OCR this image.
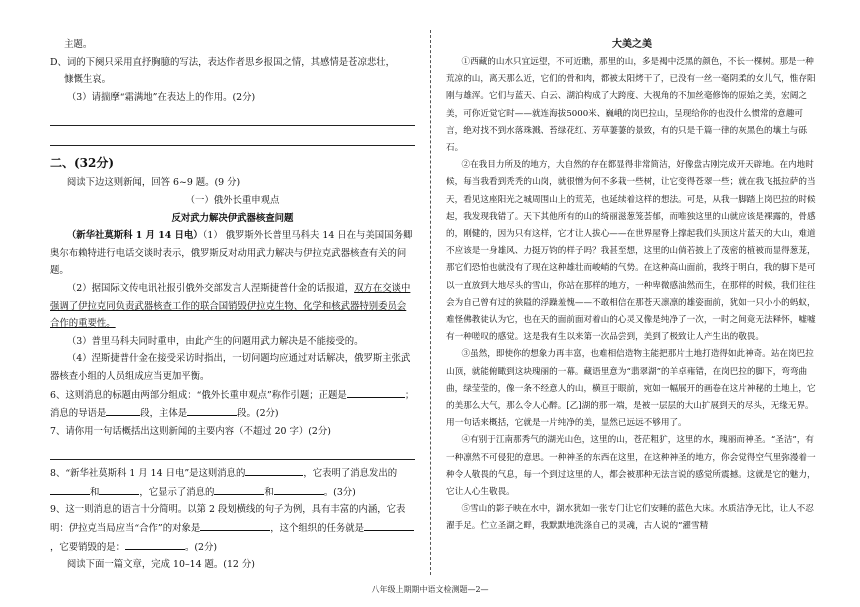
主题。
D、词的下阕只采用直抒胸臆的写法，表达作者思乡报国之情，其感情是苍凉悲壮，
慷慨生哀。
（3）请揣摩“霜满地”在表达上的作用。(2分)
二、(32分)
阅读下边这则新闻，回答 6~9 题。(9 分)
（一）俄外长重申观点
反对武力解决伊武器核查问题

（新华社莫斯科 1 月 14 日电）（1） 俄罗斯外长普里马科夫 14 日在与美国国务卿奥尔布赖特进行电话交谈时表示，俄罗斯反对动用武力解决与伊拉克武器核查有关的问题。

（2）据国际文传电讯社报引俄外交部发言人涅斯捷普什金的话报道，双方在交谈中强调了伊拉克同负责武器核查工作的联合国销毁伊拉克生物、化学和核武器特别委员会合作的重要性。

（3）普里马科夫同时重申，由此产生的问题用武力解决是不能接受的。

（4）涅斯捷普什金在接受采访时指出，一切问题均应通过对话解决，俄罗斯主张武器核查小组的人员组成应当更加平衡。

6、这则消息的标题由两部分组成：“俄外长重申观点”称作引题；正题是	；消息的导语是	段，主体是	段。(2分)

7、请你用一句话概括出这则新闻的主要内容（不超过 20 字）(2分)

8、“新华社莫斯科 1 月 14 日电”是这则消息的	，它表明了消息发出的和	，它显示了消息的	和	。(3分)

9、这一则消息的语言十分简明。以第 2 段划横线的句子为例，具有丰富的内涵，它表明：伊拉克当局应当“合作”的对象是	，这个组织的任务就是，它要销毁的是：	。(2分)

阅读下面一篇文章，完成 10–14 题。(12 分)
大美之美

①西藏的山水只宜远望，不可近瞧，那里的山，多是褐中泛黑的颜色，不长一棵树。那是一种荒凉的山，离天那么近，它们的骨和肉，都被太阳烤干了，已没有一丝一毫阴柔的女儿气，惟存阳刚与雄浑。它们与蓝天、白云、湖泊构成了大跨度、大视角的不加丝毫修饰的原始之美，宏阔之美，可你近觉它时——就连海拔5000米、巍峨的岗巴拉山，呈现给你的也没什么惯常的意趣可言，绝对找不到水落珠溅、苔绿花红、芳草萋萋的景致，有的只是千篇一律的灰黑色的壤土与砾石。

②在我目力所及的地方，大自然的存在都显得非常简洁，好像盘古刚完成开天辟地。在内地时候，每当我看到秃秃的山岗，就很憎为何不多栽一些树，让它变得苍翠一些；就在我飞抵拉萨的当天，看见这座阳光之城周围山上的荒芜，也延续着这样的想法。可是，从我一脚踏上岗巴拉的时候起，我发现我错了。天下其他所有的山的绮丽滋葱笼荟郁，而唯独这里的山就应该是裸露的，骨感的，刚健的，因为只有这样，它才让人拔心——在世界屋脊上撑起我们头顶这片蓝天的大山，难道不应该是一身雄风、力挺万钧的样子吗？我甚至想，这里的山倘若披上了茂密的植被而显得葱茏，那它们恐怕也就没有了现在这种雄壮而峻峭的气势。在这种高山面前，我终于明白，我的脚下是可以一直放到大地尽头的雪山，你站在那样的地方，一种卑微感油然而生，在那样的时候，我们往往会为自己曾有过的狭隘的浮躁羞愧——不敢相信在那苍天凛凛的雄姿面前，犹如一只小小的蚂蚁，难怪佛教徒认为它，也在天的面前面对着山的心灵又像是纯净了一次，一时之间竟无法释怀，嘘嘘有一种嗟叹的感觉。这是我有生以来第一次品尝到，美到了极致让人产生出的敬畏。

③虽然，即使你的想象力再丰富，也难相信造物主能把那片土地打造得如此神奇。站在岗巴拉山顶，就能俯瞰到这块瑰丽的一幕。藏语里意为“翡翠湖”的羊卓雍错，在岗巴拉的脚下，弯弯曲曲，绿莹莹的，像一条不经意人的山，横亘于眼前，宛如一幅展开的画卷在这片神秘的土地上，它的美那么大气，那么令人心醉。[乙]湖的那一端，是被一层层的大山扩展到天的尽头，无缘无界。用一句话来概括，它就是一片纯净的美，显然已远远不够用了。

④有别于江南那秀气的湖光山色，这里的山，苍茫粗犷，这里的水，瑰丽而神圣。“圣洁”，有一种凛然不可侵犯的意思。一种神圣的东西在这里，在这种神圣的地方，你会觉得空气里弥漫着一种令人敬畏的气息，每一个到过这里的人，都会被那种无法言说的感觉所震撼。这就是它的魅力，它让人心生敬畏。

⑤雪山的影子映在水中，湖水犹如一张专门让它们安睡的蓝色大床。水质洁净无比，让人不忍濯手足。伫立圣湖之畔，我默默地洗涤自己的灵魂，古人说的“濯雪精

八年级上期期中语文检测题—2—
